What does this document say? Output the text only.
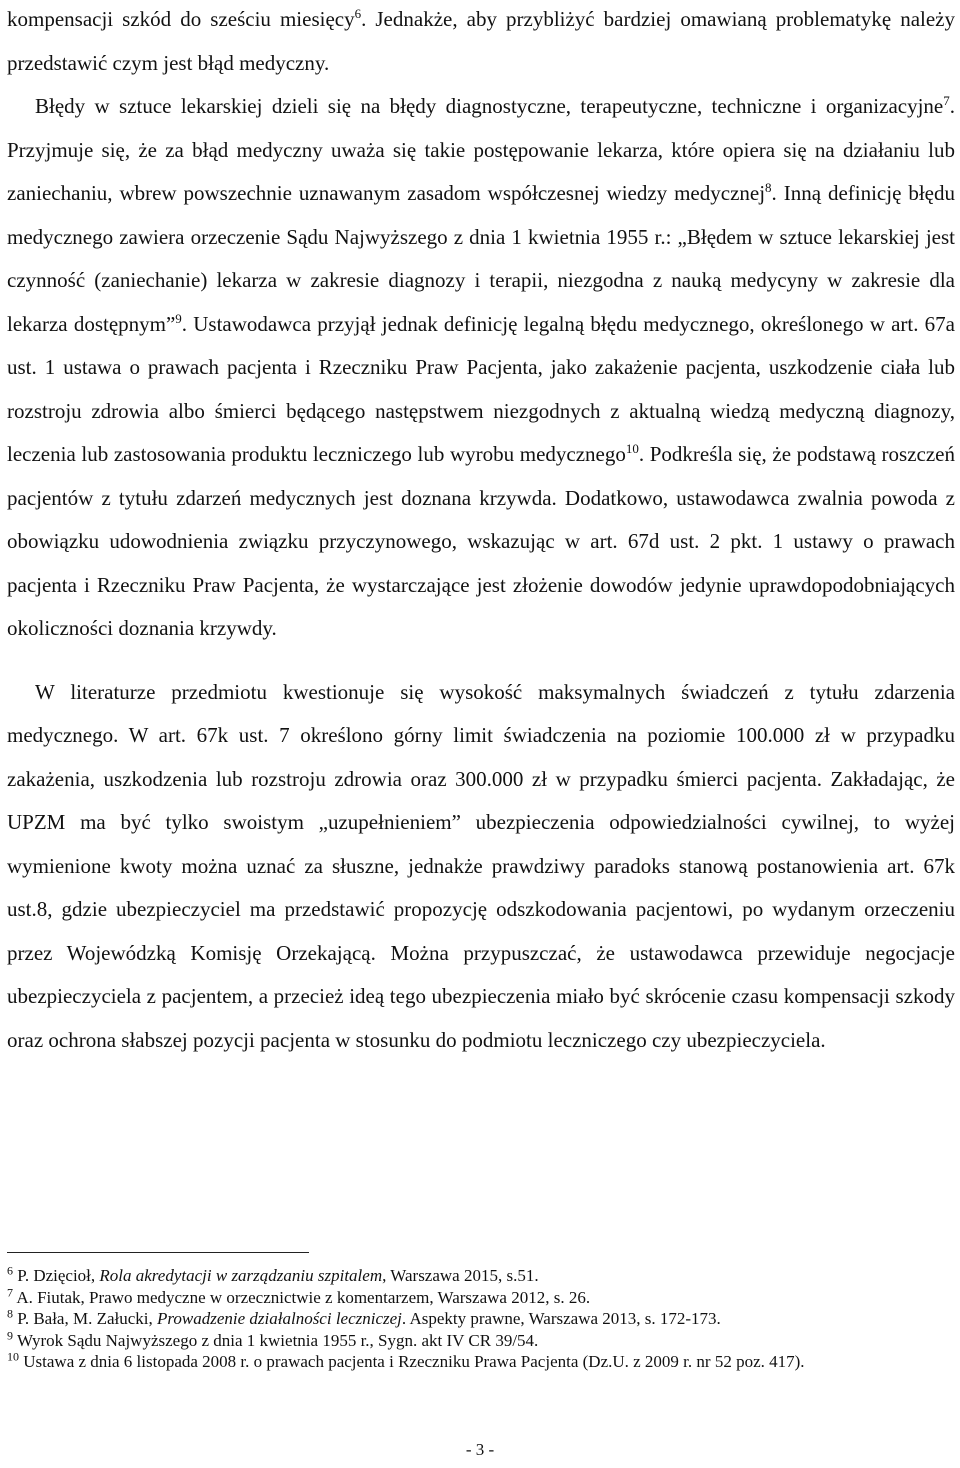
kompensacji szkód do sześciu miesięcy$^6$. Jednakże, aby przybliżyć bardziej omawianą problematykę należy przedstawić czym jest błąd medyczny.

Błędy w sztuce lekarskiej dzieli się na błędy diagnostyczne, terapeutyczne, techniczne i organizacyjne$^7$. Przyjmuje się, że za błąd medyczny uważa się takie postępowanie lekarza, które opiera się na działaniu lub zaniechaniu, wbrew powszechnie uznawanym zasadom współczesnej wiedzy medycznej$^8$. Inną definicję błędu medycznego zawiera orzeczenie Sądu Najwyższego z dnia 1 kwietnia 1955 r.: „Błędem w sztuce lekarskiej jest czynność (zaniechanie) lekarza w zakresie diagnozy i terapii, niezgodna z nauką medycyny w zakresie dla lekarza dostępnym”$^9$. Ustawodawca przyjął jednak definicję legalną błędu medycznego, określonego w art. 67a ust. 1 ustawa o prawach pacjenta i Rzeczniku Praw Pacjenta, jako zakażenie pacjenta, uszkodzenie ciała lub rozstroju zdrowia albo śmierci będącego następstwem niezgodnych z aktualną wiedzą medyczną diagnozy, leczenia lub zastosowania produktu leczniczego lub wyrobu medycznego$^{10}$. Podkreśla się, że podstawą roszczeń pacjentów z tytułu zdarzeń medycznych jest doznana krzywda. Dodatkowo, ustawodawca zwalnia powoda z obowiązku udowodnienia związku przyczynowego, wskazując w art. 67d ust. 2 pkt. 1 ustawy o prawach pacjenta i Rzeczniku Praw Pacjenta, że wystarczające jest złożenie dowodów jedynie uprawdopodobniających okoliczności doznania krzywdy.

W literaturze przedmiotu kwestionuje się wysokość maksymalnych świadczeń z tytułu zdarzenia medycznego. W art. 67k ust. 7 określono górny limit świadczenia na poziomie 100.000 zł w przypadku zakażenia, uszkodzenia lub rozstroju zdrowia oraz 300.000 zł w przypadku śmierci pacjenta. Zakładając, że UPZM ma być tylko swoistym „uzupełnieniem” ubezpieczenia odpowiedzialności cywilnej, to wyżej wymienione kwoty można uznać za słuszne, jednakże prawdziwy paradoks stanową postanowienia art. 67k ust.8, gdzie ubezpieczyciel ma przedstawić propozycję odszkodowania pacjentowi, po wydanym orzeczeniu przez Wojewódzką Komisję Orzekającą. Można przypuszczać, że ustawodawca przewiduje negocjacje ubezpieczyciela z pacjentem, a przecież ideą tego ubezpieczenia miało być skrócenie czasu kompensacji szkody oraz ochrona słabszej pozycji pacjenta w stosunku do podmiotu leczniczego czy ubezpieczyciela.

$^6$ P. Dzięcioł, Rola akredytacji w zarządzaniu szpitalem, Warszawa 2015, s.51.

$^7$ A. Fiutak, Prawo medyczne w orzecznictwie z komentarzem, Warszawa 2012, s. 26.

$^8$ P. Bała, M. Załucki, Prowadzenie działalności leczniczej. Aspekty prawne, Warszawa 2013, s. 172-173.

$^9$ Wyrok Sądu Najwyższego z dnia 1 kwietnia 1955 r., Sygn. akt IV CR 39/54.

$^{10}$ Ustawa z dnia 6 listopada 2008 r. o prawach pacjenta i Rzeczniku Prawa Pacjenta (Dz.U. z 2009 r. nr 52 poz. 417).

- 3 -
